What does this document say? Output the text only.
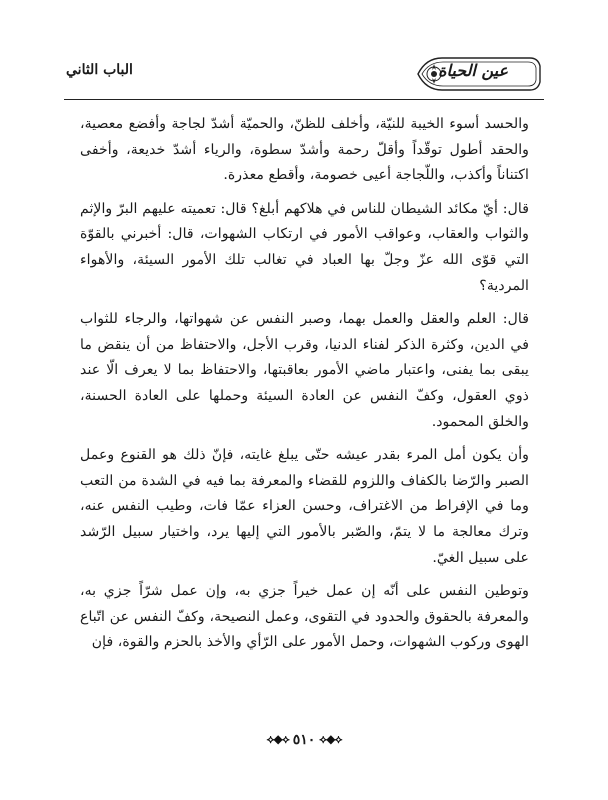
الباب الثاني	عين الحياة

والحسد أسوء الخيبة للنيّة، وأخلف للظنّ، والحميّة أشدّ لجاجة وأفضع معصية، والحقد أطول توقّداً وأقلّ رحمة وأشدّ سطوة، والرياء أشدّ خديعة، وأخفى اكتناناً وأكذب، واللّجاجة أعيى خصومة، وأقطع معذرة.

قال: أيّ مكائد الشيطان للناس في هلاكهم أبلغ؟ قال: تعميته عليهم البرّ والإثم والثواب والعقاب، وعواقب الأمور في ارتكاب الشهوات، قال: أخبرني بالقوّة التي قوّى الله عزّ وجلّ بها العباد في تغالب تلك الأمور السيئة، والأهواء المردية؟

قال: العلم والعقل والعمل بهما، وصبر النفس عن شهواتها، والرجاء للثواب في الدين، وكثرة الذكر لفناء الدنيا، وقرب الأجل، والاحتفاظ من أن ينقض ما يبقى بما يفنى، واعتبار ماضي الأمور بعاقبتها، والاحتفاظ بما لا يعرف الّا عند ذوي العقول، وكفّ النفس عن العادة السيئة وحملها على العادة الحسنة، والخلق المحمود.

وأن يكون أمل المرء بقدر عيشه حتّى يبلغ غايته، فإنّ ذلك هو القنوع وعمل الصبر والرّضا بالكفاف واللزوم للقضاء والمعرفة بما فيه في الشدة من التعب وما في الإفراط من الاغتراف، وحسن العزاء عمّا فات، وطيب النفس عنه، وترك معالجة ما لا يتمّ، والصّبر بالأمور التي إليها يرد، واختيار سبيل الرّشد على سبيل الغيّ.

وتوطين النفس على أنّه إن عمل خيراً جزي به، وإن عمل شرّاً جزي به، والمعرفة بالحقوق والحدود في التقوى، وعمل النصيحة، وكفّ النفس عن اتّباع الهوى وركوب الشهوات، وحمل الأمور على الرّأي والأخذ بالحزم والقوة، فإن

⟡◆⟡ ٥١٠ ⟡◆⟡
